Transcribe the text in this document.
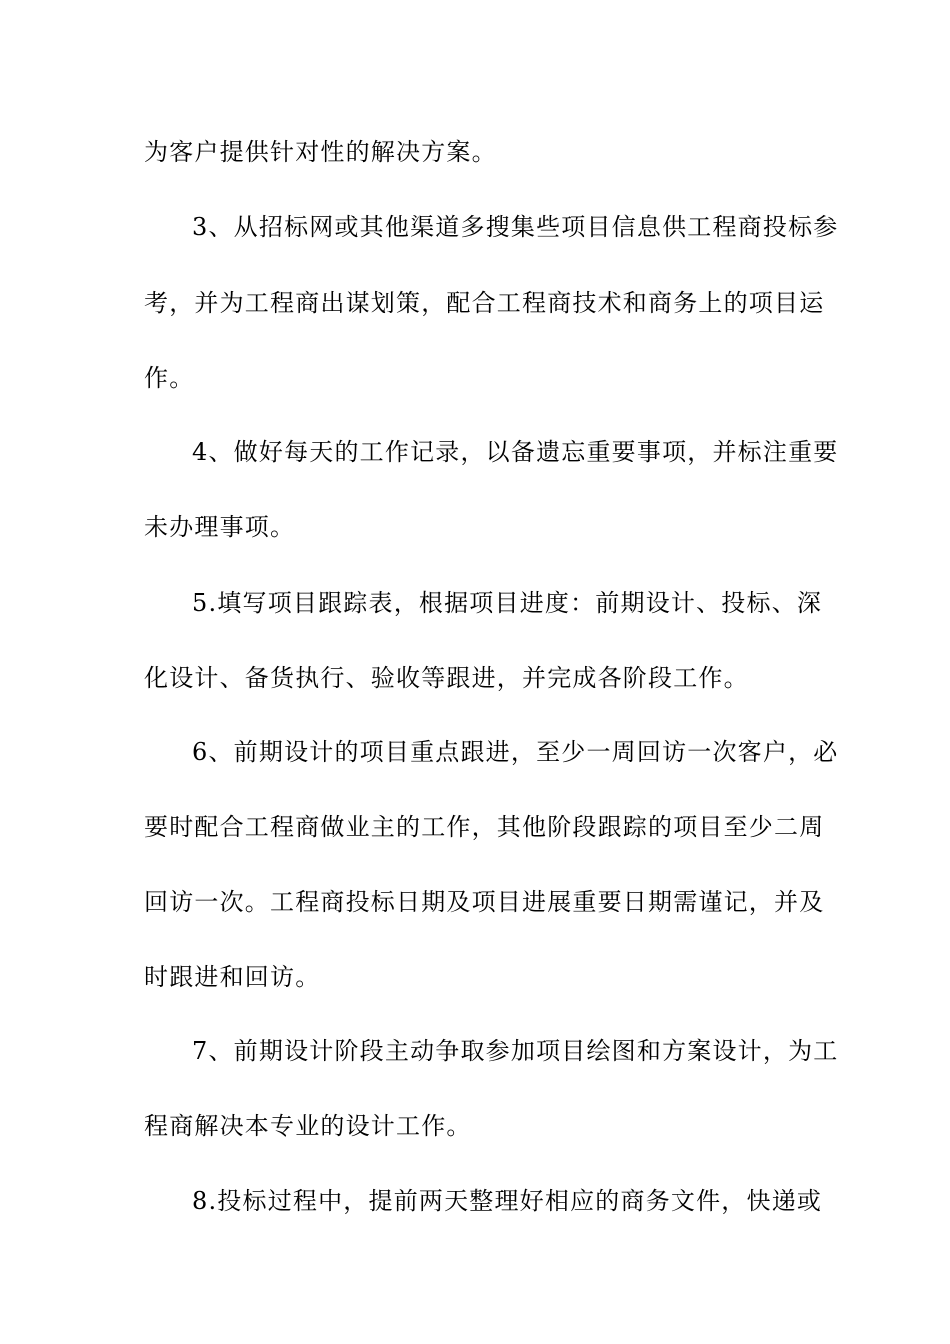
为客户提供针对性的解决方案。
3、从招标网或其他渠道多搜集些项目信息供工程商投标参
考，并为工程商出谋划策，配合工程商技术和商务上的项目运
作。
4、做好每天的工作记录，以备遗忘重要事项，并标注重要
未办理事项。
5.填写项目跟踪表，根据项目进度：前期设计、投标、深
化设计、备货执行、验收等跟进，并完成各阶段工作。
6、前期设计的项目重点跟进，至少一周回访一次客户，必
要时配合工程商做业主的工作，其他阶段跟踪的项目至少二周
回访一次。工程商投标日期及项目进展重要日期需谨记，并及
时跟进和回访。
7、前期设计阶段主动争取参加项目绘图和方案设计，为工
程商解决本专业的设计工作。
8.投标过程中，提前两天整理好相应的商务文件，快递或
